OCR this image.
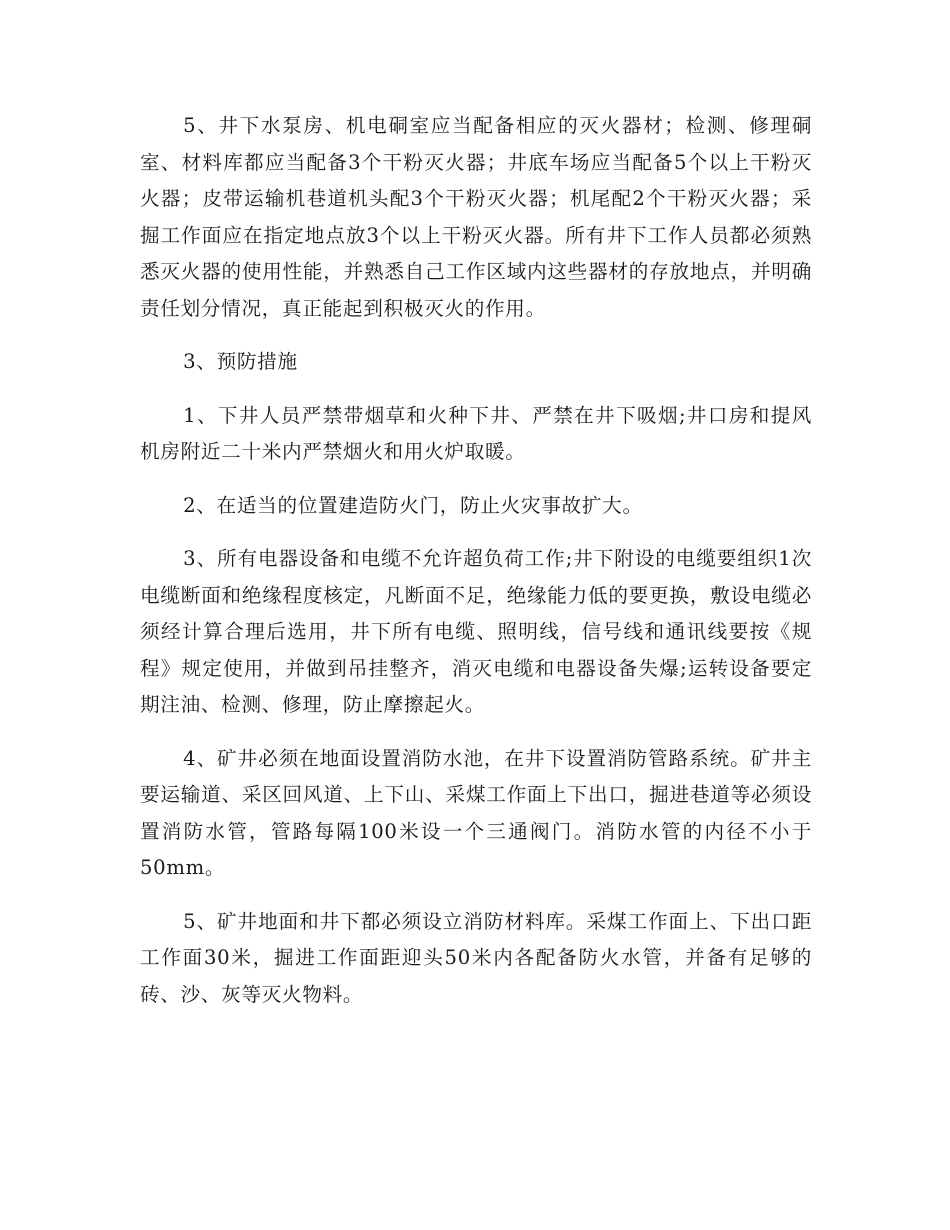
5、井下水泵房、机电硐室应当配备相应的灭火器材；检测、修理硐室、材料库都应当配备3个干粉灭火器；井底车场应当配备5个以上干粉灭火器；皮带运输机巷道机头配3个干粉灭火器；机尾配2个干粉灭火器；采掘工作面应在指定地点放3个以上干粉灭火器。所有井下工作人员都必须熟悉灭火器的使用性能，并熟悉自己工作区域内这些器材的存放地点，并明确责任划分情况，真正能起到积极灭火的作用。

3、预防措施

1、下井人员严禁带烟草和火种下井、严禁在井下吸烟;井口房和提风机房附近二十米内严禁烟火和用火炉取暖。

2、在适当的位置建造防火门，防止火灾事故扩大。

3、所有电器设备和电缆不允许超负荷工作;井下附设的电缆要组织1次电缆断面和绝缘程度核定，凡断面不足，绝缘能力低的要更换，敷设电缆必须经计算合理后选用，井下所有电缆、照明线，信号线和通讯线要按《规程》规定使用，并做到吊挂整齐，消灭电缆和电器设备失爆;运转设备要定期注油、检测、修理，防止摩擦起火。

4、矿井必须在地面设置消防水池，在井下设置消防管路系统。矿井主要运输道、采区回风道、上下山、采煤工作面上下出口，掘进巷道等必须设置消防水管，管路每隔100米设一个三通阀门。消防水管的内径不小于50mm。

5、矿井地面和井下都必须设立消防材料库。采煤工作面上、下出口距工作面30米，掘进工作面距迎头50米内各配备防火水管，并备有足够的砖、沙、灰等灭火物料。
